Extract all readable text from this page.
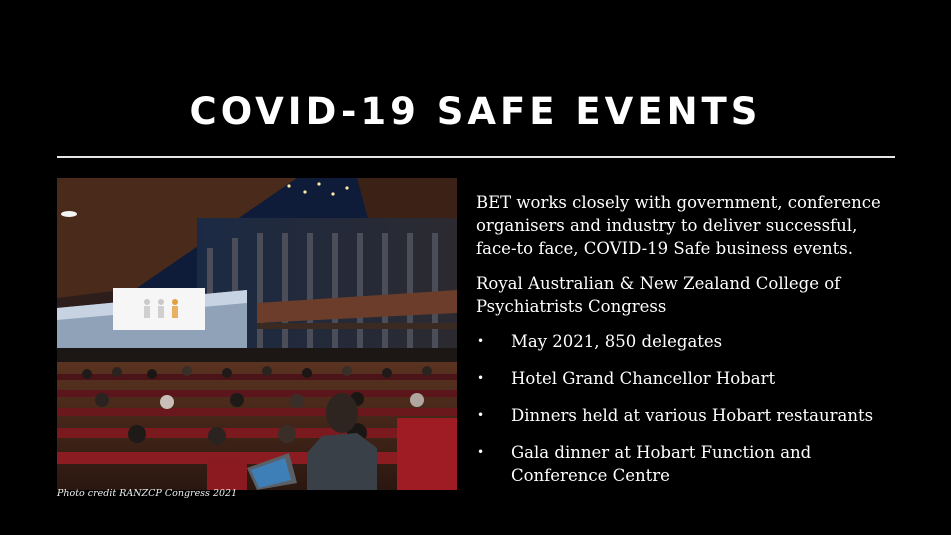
COVID-19 SAFE EVENTS
Photo credit RANZCP Congress 2021

BET works closely with government, conference organisers and industry to deliver successful, face-to face, COVID-19 Safe business events.

Royal Australian & New Zealand College of Psychiatrists Congress

• May 2021, 850 delegates
• Hotel Grand Chancellor Hobart
• Dinners held at various Hobart restaurants
• Gala dinner at Hobart Function and Conference Centre
